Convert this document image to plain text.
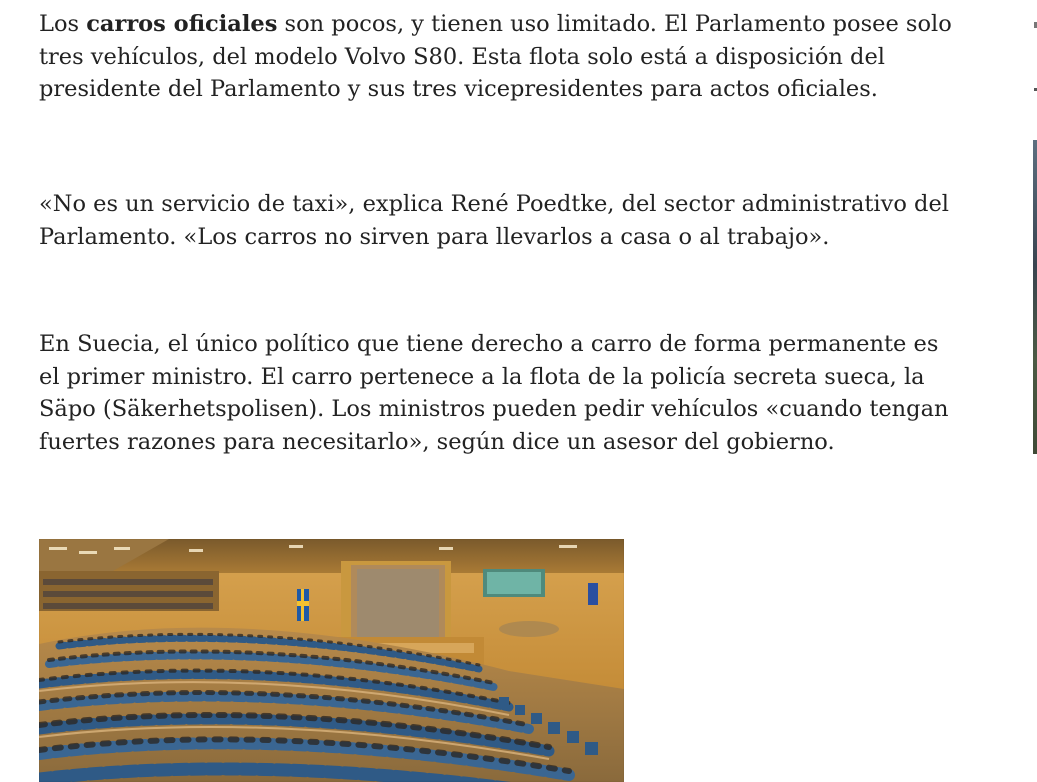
Los carros oficiales son pocos, y tienen uso limitado. El Parlamento posee solo tres vehículos, del modelo Volvo S80. Esta flota solo está a disposición del presidente del Parlamento y sus tres vicepresidentes para actos oficiales.

«No es un servicio de taxi», explica René Poedtke, del sector administrativo del Parlamento. «Los carros no sirven para llevarlos a casa o al trabajo».

En Suecia, el único político que tiene derecho a carro de forma permanente es el primer ministro. El carro pertenece a la flota de la policía secreta sueca, la Säpo (Säkerhetspolisen). Los ministros pueden pedir vehículos «cuando tengan fuertes razones para necesitarlo», según dice un asesor del gobierno.
